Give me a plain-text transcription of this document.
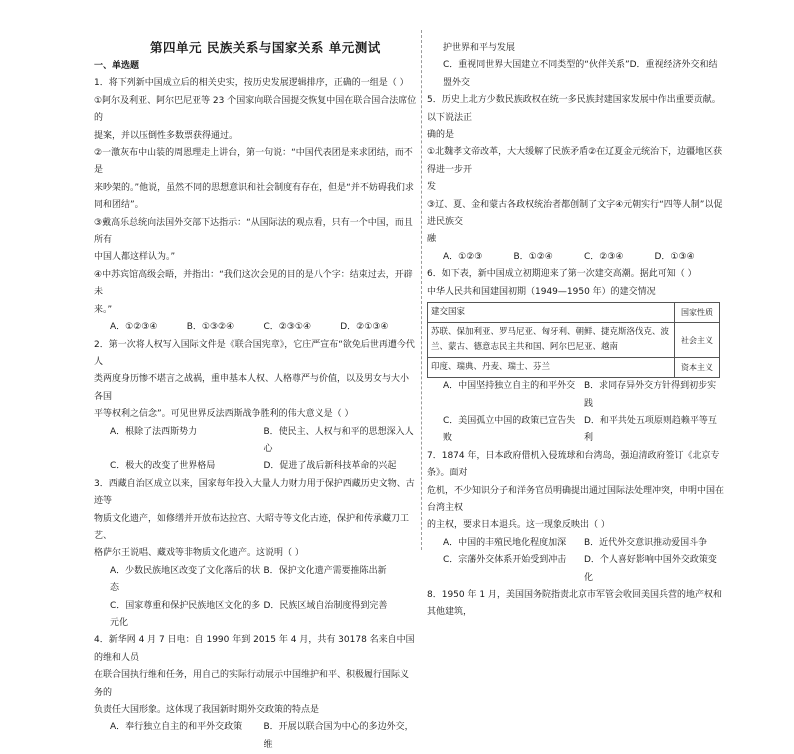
第四单元 民族关系与国家关系 单元测试

一、单选题

1．将下列新中国成立后的相关史实，按历史发展逻辑排序，正确的一组是（ ）

①阿尔及利亚、阿尔巴尼亚等 23 个国家向联合国提交恢复中国在联合国合法席位的

提案，并以压倒性多数票获得通过。

②一激灰布中山装的周恩理走上讲台，第一句说：“中国代表团是来求团结，而不是

来吵架的。”他说，虽然不同的思想意识和社会制度有存在，但是“并不妨碍我们求

同和团结”。

③戴高乐总统向法国外交部下达指示：“从国际法的观点看，只有一个中国，而且所有

中国人都这样认为。”

④中苏宾馆高级会晤，并指出：“我们这次会见的目的是八个字：结束过去，开辟未

来。”

A．①②③④	B．①③②④	C．②③①④	D．②①③④

2．第一次将人权写入国际文件是《联合国宪章》，它庄严宣布“欲免后世再遭今代人

类两度身历惨不堪言之战祸，重申基本人权、人格尊严与价值，以及男女与大小各国

平等权利之信念”。可见世界反法西斯战争胜利的伟大意义是（ ）

A．根除了法西斯势力	B．使民主、人权与和平的思想深入人心
C．极大的改变了世界格局	D．促进了战后新科技革命的兴起

3．西藏自治区成立以来，国家每年投入大量人力财力用于保护西藏历史文物、古迹等

物质文化遗产，如修缮并开放布达拉宫、大昭寺等文化古迹，保护和传承藏刀工艺、

格萨尔王说唱、藏戏等非物质文化遗产。这说明（ ）

A．少数民族地区改变了文化落后的状态
B．保护文化遗产需要推陈出新
C．国家尊重和保护民族地区文化的多元化
D．民族区域自治制度得到完善

4．新华网 4 月 7 日电：自 1990 年到 2015 年 4 月，共有 30178 名来自中国的维和人员

在联合国执行维和任务，用自己的实际行动展示中国维护和平、积极履行国际义务的

负责任大国形象。这体现了我国新时期外交政策的特点是

A．奉行独立自主的和平外交政策	B．开展以联合国为中心的多边外交，维

护世界和平与发展

C．重视同世界大国建立不同类型的“伙伴关系”D．重视经济外交和结盟外交

5．历史上北方少数民族政权在统一多民族封建国家发展中作出重要贡献。以下说法正

确的是

①北魏孝文帝改革，大大缓解了民族矛盾②在辽夏金元统治下，边疆地区获得进一步开

发

③辽、夏、金和蒙古各政权统治者都创制了文字④元朝实行“四等人制”以促进民族交

融

A．①②③	B．①②④	C．②③④	D．①③④

6．如下表，新中国成立初期迎来了第一次建交高潮。据此可知（ ）

中华人民共和国建国初期（1949—1950 年）的建交情况

建交国家	国家性质
苏联、保加利亚、罗马尼亚、匈牙利、朝鲜、捷克斯洛伐克、波兰、蒙古、德意志民主共和国、阿尔巴尼亚、越南	社会主义
印度、瑞典、丹麦、瑞士、芬兰	资本主义
A．中国坚持独立自主的和平外交 B．求同存异外交方针得到初步实践
C．美国孤立中国的政策已宣告失败
D．和平共处五项原则趋赖平等互利

7．1874 年，日本政府借机入侵琉球和台湾岛，强迫清政府签订《北京专条》。面对

危机，不少知识分子和洋务官员明确提出通过国际法处理冲突，申明中国在台湾主权

的主权，要求日本退兵。这一现象反映出（ ）

A．中国的丰殖民地化程度加深	B．近代外交意识推动爱国斗争
C．宗藩外交体系开始受到冲击	D．个人喜好影响中国外交政策变化

8．1950 年 1 月，美国国务院指责北京市军管会收回美国兵营的地产权和其他建筑，
